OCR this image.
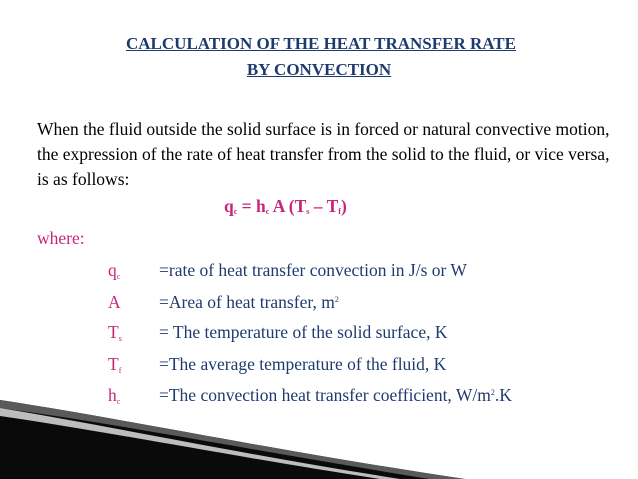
CALCULATION OF THE HEAT TRANSFER RATE
BY CONVECTION
When the fluid outside the solid surface is in forced or natural convective motion, the expression of the rate of heat transfer from the solid to the fluid, or vice versa, is as follows:
$q_c = h_c$ A $(T_s - T_f)$
where:
$q_c$ =rate of heat transfer convection in J/s or W
A =Area of heat transfer, $m^2$
$T_s$ = The temperature of the solid surface, K
$T_f =The$ average temperature of the fluid, K
$h_c =The$ convection heat transfer coefficient, $W/m^2.K$
